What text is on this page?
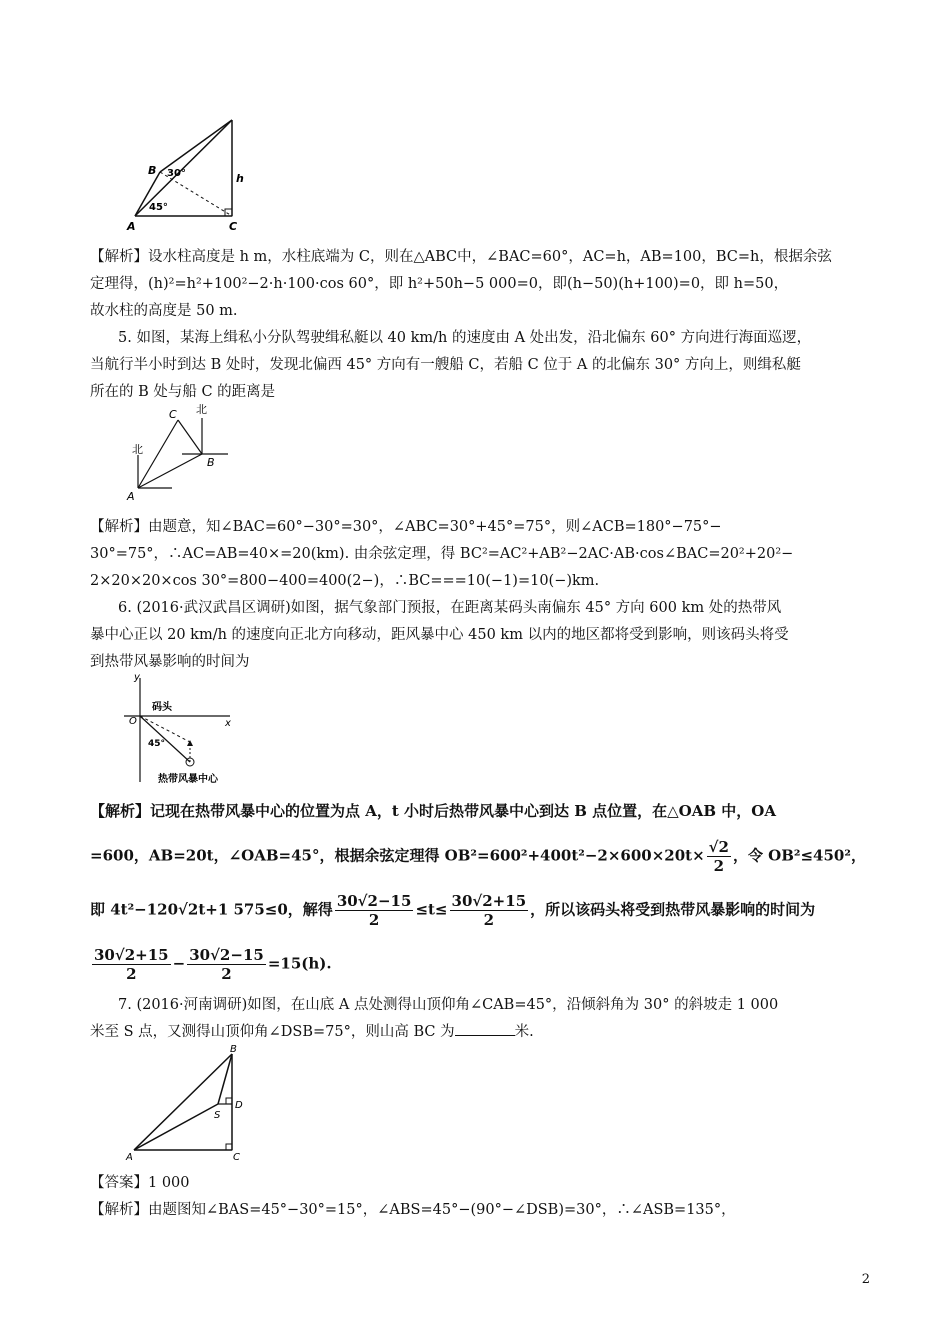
B 30°	h
45°
A	C

【解析】设水柱高度是 h m，水柱底端为 C，则在△ABC中，∠BAC=60°，AC=h，AB=100，BC=h，根据余弦

定理得，(h)²=h²+100²−2·h·100·cos 60°，即 h²+50h−5 000=0，即(h−50)(h+100)=0，即 h=50，

故水柱的高度是 50 m.

5. 如图，某海上缉私小分队驾驶缉私艇以 40 km/h 的速度由 A 处出发，沿北偏东 60° 方向进行海面巡逻，

当航行半小时到达 B 处时，发现北偏西 45° 方向有一艘船 C，若船 C 位于 A 的北偏东 30° 方向上，则缉私艇

所在的 B 处与船 C 的距离是

北
北
C
B
A

【解析】由题意，知∠BAC=60°−30°=30°，∠ABC=30°+45°=75°，则∠ACB=180°−75°−

30°=75°，∴AC=AB=40×=20(km). 由余弦定理，得 BC²=AC²+AB²−2AC·AB·cos∠BAC=20²+20²−

2×20×20×cos 30°=800−400=400(2−)，∴BC===10(−1)=10(−)km.

6. (2016·武汉武昌区调研)如图，据气象部门预报，在距离某码头南偏东 45° 方向 600 km 处的热带风

暴中心正以 20 km/h 的速度向正北方向移动，距风暴中心 450 km 以内的地区都将受到影响，则该码头将受

到热带风暴影响的时间为

y
x
O
码头
45°
热带风暴中心

【解析】记现在热带风暴中心的位置为点 A，t 小时后热带风暴中心到达 B 点位置，在△OAB 中，OA

=600，AB=20t，∠OAB=45°，根据余弦定理得 $OB^2=600^2+400t^2-2\times 600\times 20t\times \frac{√2}{2}$ ，令 OB²≤450²，
即 4t²−120√2t+1 575≤0，解得 $\frac{30√2-15}{2} \le t\le \frac{30√2+15}{2}$ ，所以该码头将受到热带风暴影响的时间为
$\frac{30√2+15}{2} - \frac{30√2-15}{2} =15(h)$.

7. (2016·河南调研)如图，在山底 A 点处测得山顶仰角∠CAB=45°，沿倾斜角为 30° 的斜坡走 1 000

米至 S 点，又测得山顶仰角∠DSB=75°，则山高 BC 为	米.

B
D
S
A	C

【答案】1 000

【解析】由题图知∠BAS=45°−30°=15°，∠ABS=45°−(90°−∠DSB)=30°，∴∠ASB=135°，

2
